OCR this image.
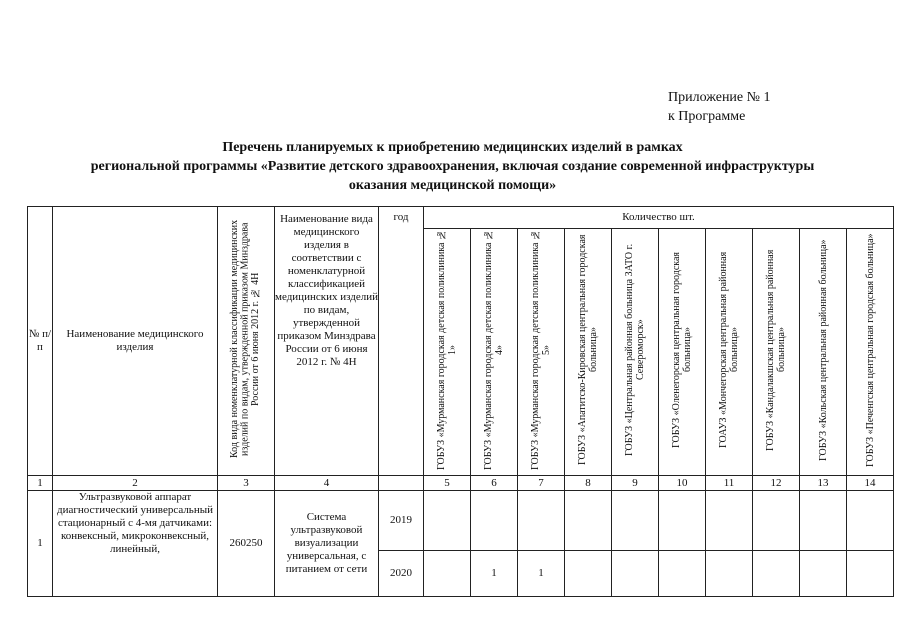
Приложение № 1
к Программе
Перечень планируемых к приобретению медицинских изделий в рамках
региональной программы «Развитие детского здравоохранения, включая создание современной инфраструктуры
оказания медицинской помощи»
№ п/п	Наименование медицинского изделия	Код вида номенклатурной классификации медицинских изделий по видам, утвержденной приказом Минздрава России от 6 июня 2012 г. № 4Н	Наименование вида медицинского изделия в соответствии с номенклатурной классификацией медицинских изделий по видам, утвержденной приказом Минздрава России от 6 июня 2012 г. № 4Н	год	Количество шт.									
					ГОБУЗ «Мурманская городская детская поликлиника № 1»	ГОБУЗ «Мурманская городская детская поликлиника № 4»	ГОБУЗ «Мурманская городская детская поликлиника № 5»	ГОБУЗ «Апатитско-Кировская центральная городская больница»	ГОБУЗ «Центральная районная больница ЗАТО г. Североморск»	ГОБУЗ «Оленегорская центральная городская больница»	ГОАУЗ «Мончегорская центральная районная больница»	ГОБУЗ «Кандалакшская центральная районная больница»	ГОБУЗ «Кольская центральная районная больница»	ГОБУЗ «Печенгская центральная городская больница»
1	2	3	4		5	6	7	8	9	10	11	12	13	14
1	Ультразвуковой аппарат диагностический универсальный стационарный с 4-мя датчиками: конвексный, микроконвексный, линейный,	260250	Система ультразвуковой визуализации универсальная, с питанием от сети	2019										
				2020		1	1							
